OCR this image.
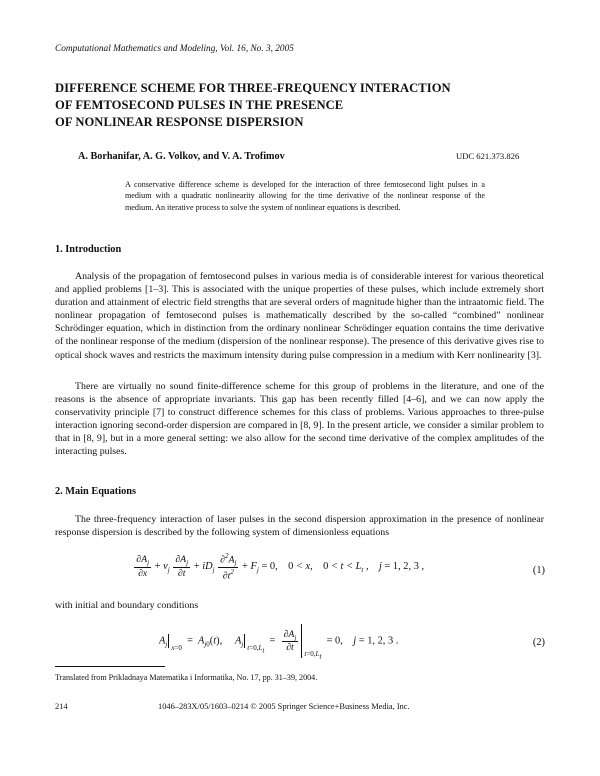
Computational Mathematics and Modeling, Vol. 16, No. 3, 2005
DIFFERENCE SCHEME FOR THREE-FREQUENCY INTERACTION
OF FEMTOSECOND PULSES IN THE PRESENCE
OF NONLINEAR RESPONSE DISPERSION
A. Borhanifar, A. G. Volkov, and V. A. Trofimov	UDC 621.373.826
A conservative difference scheme is developed for the interaction of three femtosecond light pulses in a medium with a quadratic nonlinearity allowing for the time derivative of the nonlinear response of the medium. An iterative process to solve the system of nonlinear equations is described.
1. Introduction

Analysis of the propagation of femtosecond pulses in various media is of considerable interest for various theoretical and applied problems [1–3]. This is associated with the unique properties of these pulses, which include extremely short duration and attainment of electric field strengths that are several orders of magnitude higher than the intraatomic field. The nonlinear propagation of femtosecond pulses is mathematically described by the so-called “combined” nonlinear Schrödinger equation, which in distinction from the ordinary nonlinear Schrödinger equation contains the time derivative of the nonlinear response of the medium (dispersion of the nonlinear response). The presence of this derivative gives rise to optical shock waves and restricts the maximum intensity during pulse compression in a medium with Kerr nonlinearity [3].

There are virtually no sound finite-difference scheme for this group of problems in the literature, and one of the reasons is the absence of appropriate invariants. This gap has been recently filled [4–6], and we can now apply the conservativity principle [7] to construct difference schemes for this class of problems. Various approaches to three-pulse interaction ignoring second-order dispersion are compared in [8, 9]. In the present article, we consider a similar problem to that in [8, 9], but in a more general setting: we also allow for the second time derivative of the complex amplitudes of the interacting pulses.

2. Main Equations

The three-frequency interaction of laser pulses in the second dispersion approximation in the presence of nonlinear response dispersion is described by the following system of dimensionless equations

$\frac{\partial A_j}{\partial x} + v_j \frac{\partial A_j}{\partial t} + iD_j \frac{\partial^2A_j}{\partial t^2} + F_j = 0$, 0 < x,    $0 < t < L_t$ ,    j = 1, 2, 3 ,	(1)
with initial and boundary conditions
$A_j$ $_{x=0} = A_{j0}(t)$,     $A_j$ $_{t=0,L_t} = \frac{\partial A_j}{\partial t}$
$_{t=0,L_t}$  = 0,    j = 1, 2, 3 .	(2)
Translated from Prikladnaya Matematika i Informatika, No. 17, pp. 31–39, 2004.
214	1046–283X/05/1603–0214 © 2005 Springer Science+Business Media, Inc.
